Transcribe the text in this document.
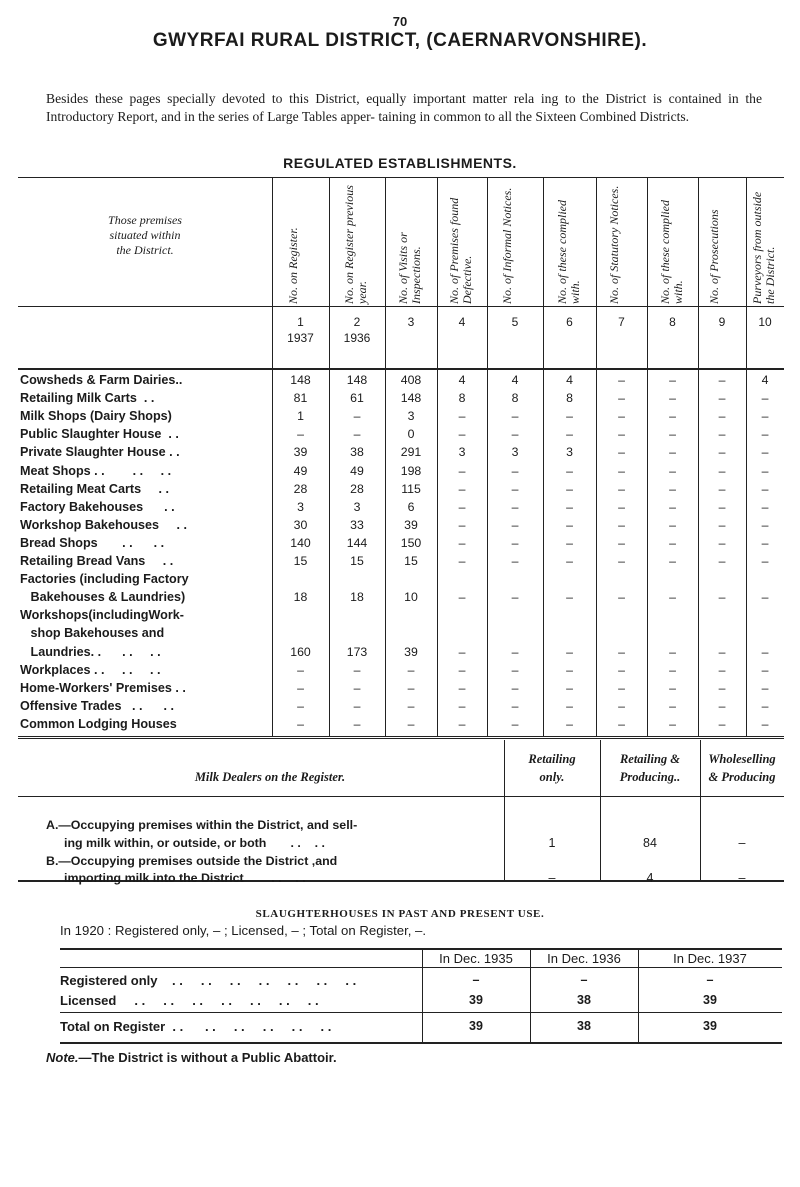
70
GWYRFAI RURAL DISTRICT, (CAERNARVONSHIRE).
Besides these pages specially devoted to this District, equally important matter rela ing to the District is contained in the Introductory Report, and in the series of Large Tables apper- taining in common to all the Sixteen Combined Districts.
REGULATED ESTABLISHMENTS.
Those premises
situated within
the District.	No. on Register.
1
1937
No. on Register previous year.
2
1936
No. of Visits or Inspections.
3
No. of Premises found Defective.
4
No. of Informal Notices.
5
No. of these complied with.
6
No. of Statutory Notices.
7
No. of these complied with.
8
No. of Prosecutions
9
Purveyors from outside the District.
10
Cowsheds & Farm Dairies..	148	148	408	4	4	4	–	–	–	4
Retailing Milk Carts  . .	81	61	148	8	8	8	–	–	–	–
Milk Shops (Dairy Shops)	1	–	3	–	–	–	–	–	–	–
Public Slaughter House  . .	–	–	0	–	–	–	–	–	–	–
Private Slaughter House . .	39	38	291	3	3	3	–	–	–	–
Meat Shops . .        . .     . .	49	49	198	–	–	–	–	–	–	–
Retailing Meat Carts     . .	28	28	115	–	–	–	–	–	–	–
Factory Bakehouses      . .	3	3	6	–	–	–	–	–	–	–
Workshop Bakehouses     . .	30	33	39	–	–	–	–	–	–	–
Bread Shops       . .      . .	140	144	150	–	–	–	–	–	–	–
Retailing Bread Vans     . .	15	15	15	–	–	–	–	–	–	–
Factories (including Factory
Bakehouses & Laundries)	18	18	10	–	–	–	–	–	–	–
Workshops(includingWork-
shop Bakehouses and
Laundries. .      . .     . .	160	173	39	–	–	–	–	–	–	–
Workplaces . .     . .     . .	–	–	–	–	–	–	–	–	–	–
Home-Workers' Premises . .	–	–	–	–	–	–	–	–	–	–
Offensive Trades   . .      . .	–	–	–	–	–	–	–	–	–	–
Common Lodging Houses	–	–	–	–	–	–	–	–	–	–
Milk Dealers on the Register.
Retailing
only.
Retailing &
Producing..
Wholeselling
& Producing
A.—Occupying premises within the District, and sell-
ing milk within, or outside, or both       . .    . .	1	84	–
B.—Occupying premises outside the District ,and
importing milk into the District        . .    . .	–	4	–
SLAUGHTERHOUSES IN PAST AND PRESENT USE.
In 1920 : Registered only, – ; Licensed, – ; Total on Register, –.
In Dec. 1935	In Dec. 1936	In Dec. 1937
Registered only    . .     . .     . .     . .     . .     . .     . .	–	–	–
Licensed     . .     . .     . .     . .     . .     . .     . .	39	38	39
Total on Register  . .      . .     . .     . .     . .     . .	39	38	39
Note.—The District is without a Public Abattoir.
